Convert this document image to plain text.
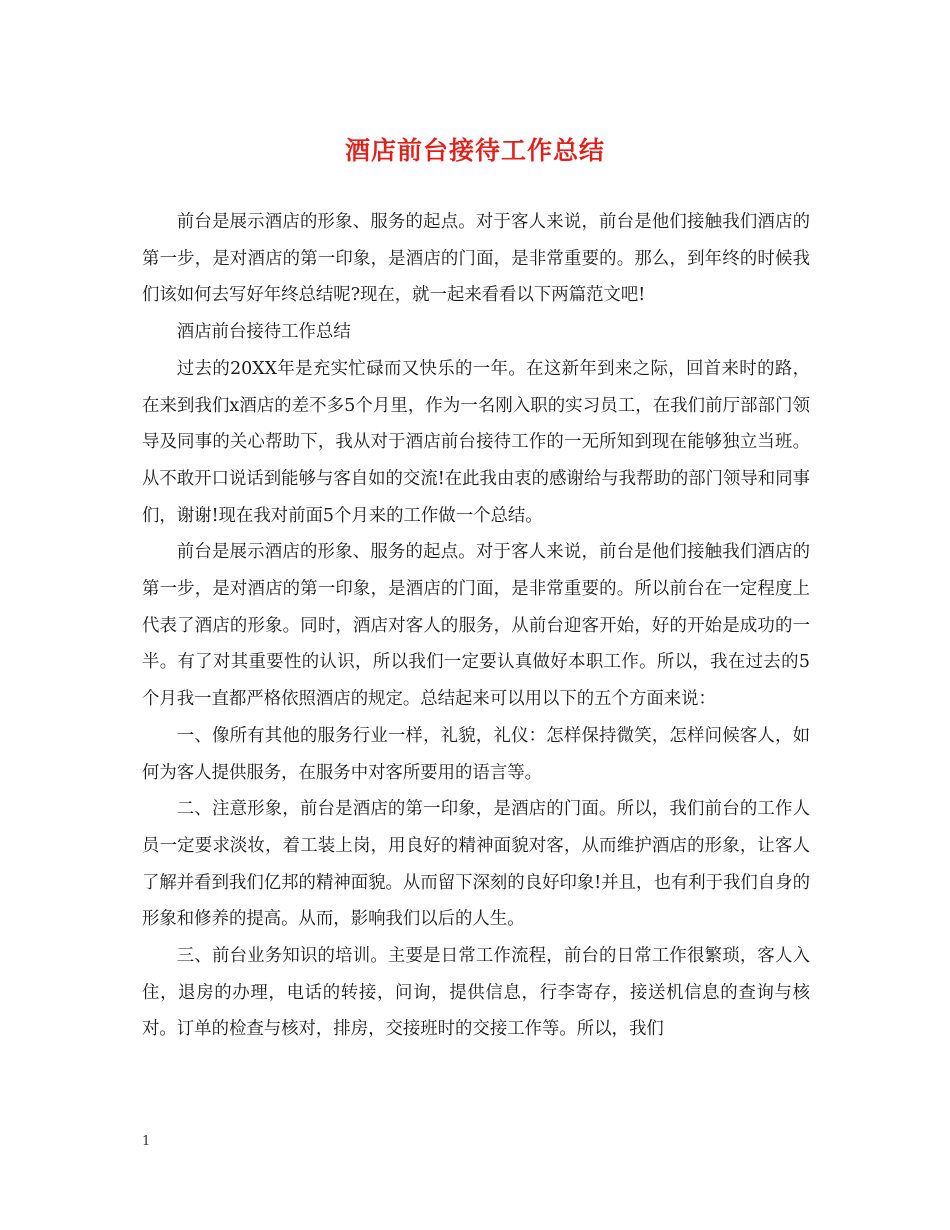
酒店前台接待工作总结

前台是展示酒店的形象、服务的起点。对于客人来说，前台是他们接触我们酒店的第一步，是对酒店的第一印象，是酒店的门面，是非常重要的。那么，到年终的时候我们该如何去写好年终总结呢?现在，就一起来看看以下两篇范文吧!

酒店前台接待工作总结

过去的20XX年是充实忙碌而又快乐的一年。在这新年到来之际，回首来时的路，在来到我们x酒店的差不多5个月里，作为一名刚入职的实习员工，在我们前厅部部门领导及同事的关心帮助下，我从对于酒店前台接待工作的一无所知到现在能够独立当班。从不敢开口说话到能够与客自如的交流!在此我由衷的感谢给与我帮助的部门领导和同事们，谢谢!现在我对前面5个月来的工作做一个总结。

前台是展示酒店的形象、服务的起点。对于客人来说，前台是他们接触我们酒店的第一步，是对酒店的第一印象，是酒店的门面，是非常重要的。所以前台在一定程度上代表了酒店的形象。同时，酒店对客人的服务，从前台迎客开始，好的开始是成功的一半。有了对其重要性的认识，所以我们一定要认真做好本职工作。所以，我在过去的5个月我一直都严格依照酒店的规定。总结起来可以用以下的五个方面来说：

一、像所有其他的服务行业一样，礼貌，礼仪：怎样保持微笑，怎样问候客人，如何为客人提供服务，在服务中对客所要用的语言等。

二、注意形象，前台是酒店的第一印象，是酒店的门面。所以，我们前台的工作人员一定要求淡妆，着工装上岗，用良好的精神面貌对客，从而维护酒店的形象，让客人了解并看到我们亿邦的精神面貌。从而留下深刻的良好印象!并且，也有利于我们自身的形象和修养的提高。从而，影响我们以后的人生。

三、前台业务知识的培训。主要是日常工作流程，前台的日常工作很繁琐，客人入住，退房的办理，电话的转接，问询，提供信息，行李寄存，接送机信息的查询与核对。订单的检查与核对，排房，交接班时的交接工作等。所以，我们

1
